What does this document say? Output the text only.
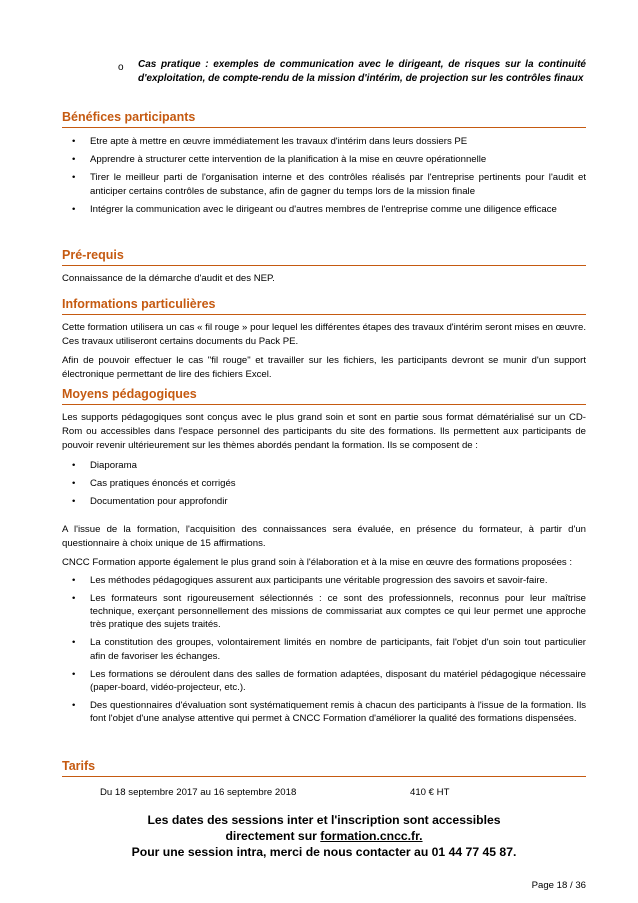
o Cas pratique : exemples de communication avec le dirigeant, de risques sur la continuité d'exploitation, de compte-rendu de la mission d'intérim, de projection sur les contrôles finaux
Bénéfices participants
• Etre apte à mettre en œuvre immédiatement les travaux d'intérim dans leurs dossiers PE
• Apprendre à structurer cette intervention de la planification à la mise en œuvre opérationnelle
• Tirer le meilleur parti de l'organisation interne et des contrôles réalisés par l'entreprise pertinents pour l'audit et anticiper certains contrôles de substance, afin de gagner du temps lors de la mission finale
• Intégrer la communication avec le dirigeant ou d'autres membres de l'entreprise comme une diligence efficace
Pré-requis
Connaissance de la démarche d'audit et des NEP.
Informations particulières
Cette formation utilisera un cas « fil rouge » pour lequel les différentes étapes des travaux d'intérim seront mises en œuvre. Ces travaux utiliseront certains documents du Pack PE.
Afin de pouvoir effectuer le cas "fil rouge" et travailler sur les fichiers, les participants devront se munir d'un support électronique permettant de lire des fichiers Excel.
Moyens pédagogiques
Les supports pédagogiques sont conçus avec le plus grand soin et sont en partie sous format dématérialisé sur un CD-Rom ou accessibles dans l'espace personnel des participants du site des formations. Ils permettent aux participants de pouvoir revenir ultérieurement sur les thèmes abordés pendant la formation. Ils se composent de :
• Diaporama
• Cas pratiques énoncés et corrigés
• Documentation pour approfondir
A l'issue de la formation, l'acquisition des connaissances sera évaluée, en présence du formateur, à partir d'un questionnaire à choix unique de 15 affirmations.
CNCC Formation apporte également le plus grand soin à l'élaboration et à la mise en œuvre des formations proposées :
• Les méthodes pédagogiques assurent aux participants une véritable progression des savoirs et savoir-faire.
• Les formateurs sont rigoureusement sélectionnés : ce sont des professionnels, reconnus pour leur maîtrise technique, exerçant personnellement des missions de commissariat aux comptes ce qui leur permet une approche très pratique des sujets traités.
• La constitution des groupes, volontairement limités en nombre de participants, fait l'objet d'un soin tout particulier afin de favoriser les échanges.
• Les formations se déroulent dans des salles de formation adaptées, disposant du matériel pédagogique nécessaire (paper-board, vidéo-projecteur, etc.).
• Des questionnaires d'évaluation sont systématiquement remis à chacun des participants à l'issue de la formation. Ils font l'objet d'une analyse attentive qui permet à CNCC Formation d'améliorer la qualité des formations dispensées.
Tarifs
Du 18 septembre 2017 au 16 septembre 2018	410 € HT
Les dates des sessions inter et l'inscription sont accessibles
directement sur formation.cncc.fr.
Pour une session intra, merci de nous contacter au 01 44 77 45 87.
Page 18 / 36
